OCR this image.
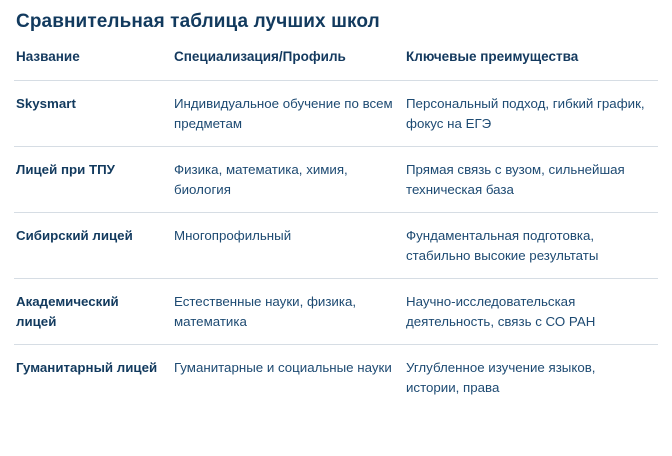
Сравнительная таблица лучших школ
Название	Специализация/Профиль	Ключевые преимущества
Skysmart	Индивидуальное обучение по всем предметам	Персональный подход, гибкий график, фокус на ЕГЭ
Лицей при ТПУ	Физика, математика, химия, биология	Прямая связь с вузом, сильнейшая техническая база
Сибирский лицей	Многопрофильный	Фундаментальная подготовка, стабильно высокие результаты
Академический лицей	Естественные науки, физика, математика	Научно-исследовательская деятельность, связь с СО РАН
Гуманитарный лицей	Гуманитарные и социальные науки	Углубленное изучение языков, истории, права
